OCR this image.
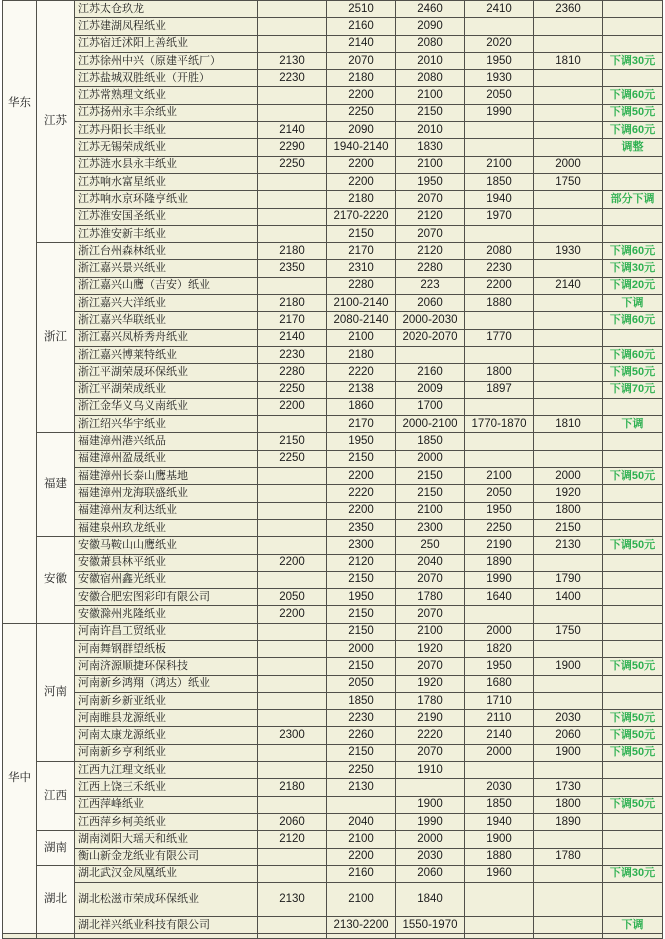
华东	江苏	江苏太仓玖龙		2510	2460	2410	2360	
		江苏建湖凤程纸业		2160	2090			
		江苏宿迁沭阳上善纸业		2140	2080	2020		
		江苏徐州中兴（原建平纸厂）	2130	2070	2010	1950	1810	下调30元
		江苏盐城双胜纸业（开胜）	2230	2180	2080	1930		
		江苏常熟理文纸业		2200	2100	2050		下调60元
		江苏扬州永丰余纸业		2250	2150	1990		下调50元
		江苏丹阳长丰纸业	2140	2090	2010			下调60元
		江苏无锡荣成纸业	2290	1940-2140	1830			调整
		江苏涟水县永丰纸业	2250	2200	2100	2100	2000	
		江苏响水富星纸业		2200	1950	1850	1750	
		江苏响水京环隆亨纸业		2180	2070	1940		部分下调
		江苏淮安国圣纸业		2170-2220	2120	1970		
		江苏淮安新丰纸业		2150	2070			
	浙江	浙江台州森林纸业	2180	2170	2120	2080	1930	下调60元
		浙江嘉兴景兴纸业	2350	2310	2280	2230		下调30元
		浙江嘉兴山鹰（吉安）纸业		2280	223	2200	2140	下调20元
		浙江嘉兴大洋纸业	2180	2100-2140	2060	1880		下调
		浙江嘉兴华联纸业	2170	2080-2140	2000-2030			下调60元
		浙江嘉兴凤桥秀舟纸业	2140	2100	2020-2070	1770		
		浙江嘉兴博莱特纸业	2230	2180				下调60元
		浙江平湖荣晟环保纸业	2280	2220	2160	1800		下调50元
		浙江平湖荣成纸业	2250	2138	2009	1897		下调70元
		浙江金华义乌义南纸业	2200	1860	1700			
		浙江绍兴华宇纸业		2170	2000-2100	1770-1870	1810	下调
	福建	福建漳州港兴纸品	2150	1950	1850			
		福建漳州盈晟纸业	2250	2150	2000			
		福建漳州长泰山鹰基地		2200	2150	2100	2000	下调50元
		福建漳州龙海联盛纸业		2220	2150	2050	1920	
		福建漳州友利达纸业		2200	2100	1950	1800	
		福建泉州玖龙纸业		2350	2300	2250	2150	
	安徽	安徽马鞍山山鹰纸业		2300	250	2190	2130	下调50元
		安徽萧县林平纸业	2200	2120	2040	1890		
		安徽宿州鑫光纸业		2150	2070	1990	1790	
		安徽合肥宏图彩印有限公司	2050	1950	1780	1640	1400	
		安徽滁州兆隆纸业	2200	2150	2070			
华中	河南	河南许昌工贸纸业		2150	2100	2000	1750	
		河南舞钢群望纸板		2000	1920	1820		
		河南济源顺捷环保科技		2150	2070	1950	1900	下调50元
		河南新乡鸿翔（鸿达）纸业		2050	1920	1680		
		河南新乡新亚纸业		1850	1780	1710		
		河南睢县龙源纸业		2230	2190	2110	2030	下调50元
		河南太康龙源纸业	2300	2260	2220	2140	2060	下调50元
		河南新乡亨利纸业		2150	2070	2000	1900	下调50元
	江西	江西九江理文纸业		2250	1910			
		江西上饶三禾纸业	2180	2130		2030	1730	
		江西萍峰纸业			1900	1850	1800	下调50元
		江西萍乡柯美纸业	2060	2040	1990	1940	1890	
	湖南	湖南浏阳大瑶天和纸业	2120	2100	2000	1900		
		衡山新金龙纸业有限公司		2200	2030	1880	1780	
	湖北	湖北武汉金凤凰纸业		2160	2060	1960		下调30元
		湖北松滋市荣成环保纸业	2130	2100	1840			
		湖北祥兴纸业科技有限公司		2130-2200	1550-1970			下调
